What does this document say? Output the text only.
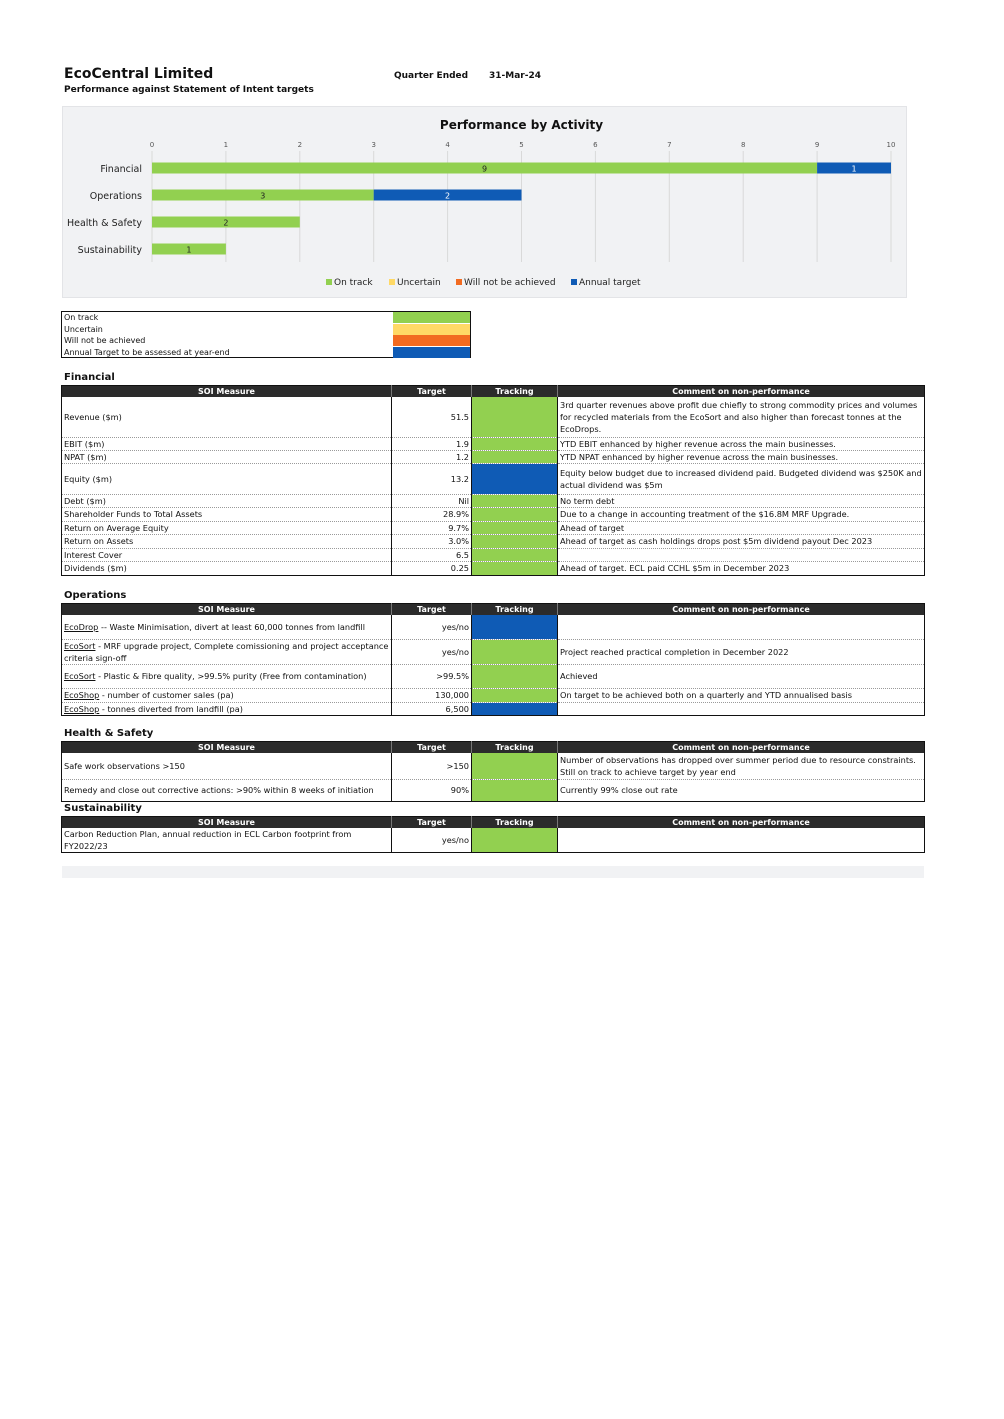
EcoCentral Limited
Performance against Statement of Intent targets
Quarter Ended 31-Mar-24
Performance by Activity
0	1	2	3	4	5	6	7	8	9	10
Financial	9	1
Operations	3	2
Health & Safety	2
Sustainability	1
On track	Uncertain	Will not be achieved	Annual target
On track
Uncertain
Will not be achieved
Annual Target to be assessed at year-end
Financial
SOI Measure	Target	Tracking	Comment on non-performance
Revenue ($m)	51.5		3rd quarter revenues above profit due chiefly to strong commodity prices and volumes for recycled materials from the EcoSort and also higher than forecast tonnes at the EcoDrops.
EBIT ($m)	1.9		YTD EBIT enhanced by higher revenue across the main businesses.
NPAT ($m)	1.2		YTD NPAT enhanced by higher revenue across the main businesses.
Equity ($m)	13.2		Equity below budget due to increased dividend paid. Budgeted dividend was $250K and actual dividend was $5m
Debt ($m)	Nil		No term debt
Shareholder Funds to Total Assets	28.9%		Due to a change in accounting treatment of the $16.8M MRF Upgrade.
Return on Average Equity	9.7%		Ahead of target
Return on Assets	3.0%		Ahead of target as cash holdings drops post $5m dividend payout Dec 2023
Interest Cover	6.5		
Dividends ($m)	0.25		Ahead of target. ECL paid CCHL $5m in December 2023
Operations
SOI Measure	Target	Tracking	Comment on non-performance
EcoDrop -- Waste Minimisation, divert at least 60,000 tonnes from landfill	yes/no		
EcoSort - MRF upgrade project, Complete comissioning and project acceptance criteria sign-off	yes/no		Project reached practical completion in December 2022
EcoSort - Plastic & Fibre quality, >99.5% purity (Free from contamination)	>99.5%		Achieved
EcoShop - number of customer sales (pa)	130,000		On target to be achieved both on a quarterly and YTD annualised basis
EcoShop - tonnes diverted from landfill (pa)	6,500		
Health & Safety
SOI Measure	Target	Tracking	Comment on non-performance
Safe work observations >150	>150		Number of observations has dropped over summer period due to resource constraints. Still on track to achieve target by year end
Remedy and close out corrective actions: >90% within 8 weeks of initiation	90%		Currently 99% close out rate
Sustainability
SOI Measure	Target	Tracking	Comment on non-performance
Carbon Reduction Plan, annual reduction in ECL Carbon footprint from FY2022/23	yes/no		
